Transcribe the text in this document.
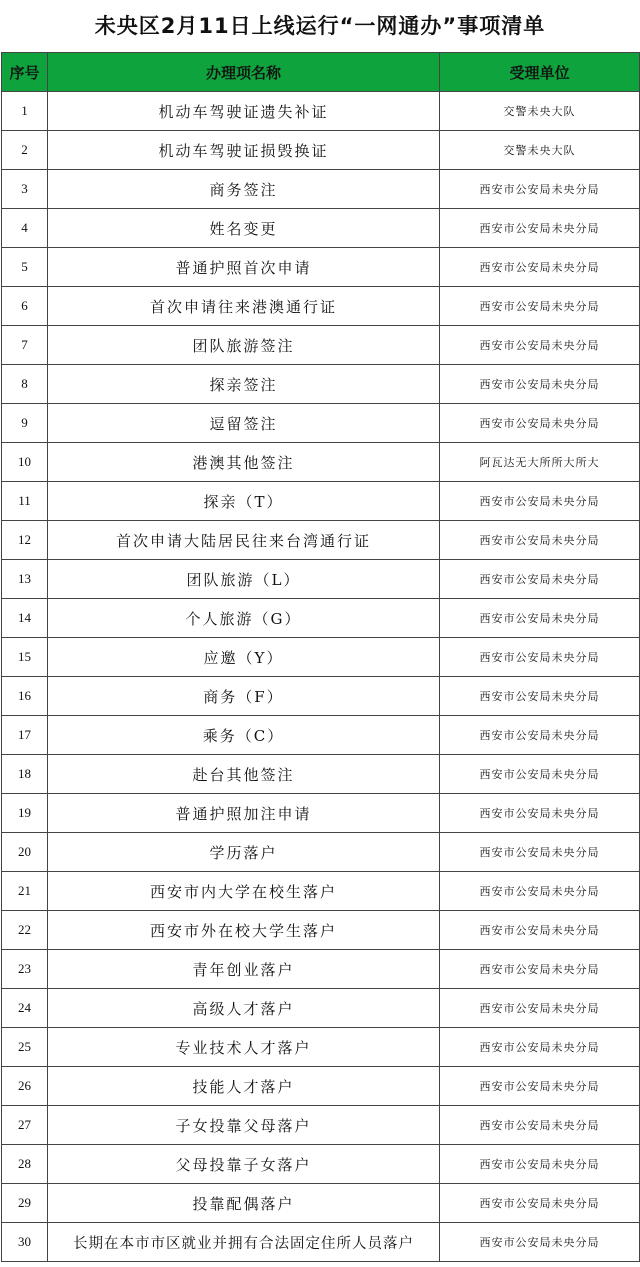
未央区2月11日上线运行“一网通办”事项清单
序号	办理项名称	受理单位
1	机动车驾驶证遗失补证	交警未央大队
2	机动车驾驶证损毁换证	交警未央大队
3	商务签注	西安市公安局未央分局
4	姓名变更	西安市公安局未央分局
5	普通护照首次申请	西安市公安局未央分局
6	首次申请往来港澳通行证	西安市公安局未央分局
7	团队旅游签注	西安市公安局未央分局
8	探亲签注	西安市公安局未央分局
9	逗留签注	西安市公安局未央分局
10	港澳其他签注	阿瓦达无大所所大所大
11	探亲（T）	西安市公安局未央分局
12	首次申请大陆居民往来台湾通行证	西安市公安局未央分局
13	团队旅游（L）	西安市公安局未央分局
14	个人旅游（G）	西安市公安局未央分局
15	应邀（Y）	西安市公安局未央分局
16	商务（F）	西安市公安局未央分局
17	乘务（C）	西安市公安局未央分局
18	赴台其他签注	西安市公安局未央分局
19	普通护照加注申请	西安市公安局未央分局
20	学历落户	西安市公安局未央分局
21	西安市内大学在校生落户	西安市公安局未央分局
22	西安市外在校大学生落户	西安市公安局未央分局
23	青年创业落户	西安市公安局未央分局
24	高级人才落户	西安市公安局未央分局
25	专业技术人才落户	西安市公安局未央分局
26	技能人才落户	西安市公安局未央分局
27	子女投靠父母落户	西安市公安局未央分局
28	父母投靠子女落户	西安市公安局未央分局
29	投靠配偶落户	西安市公安局未央分局
30	长期在本市市区就业并拥有合法固定住所人员落户	西安市公安局未央分局
